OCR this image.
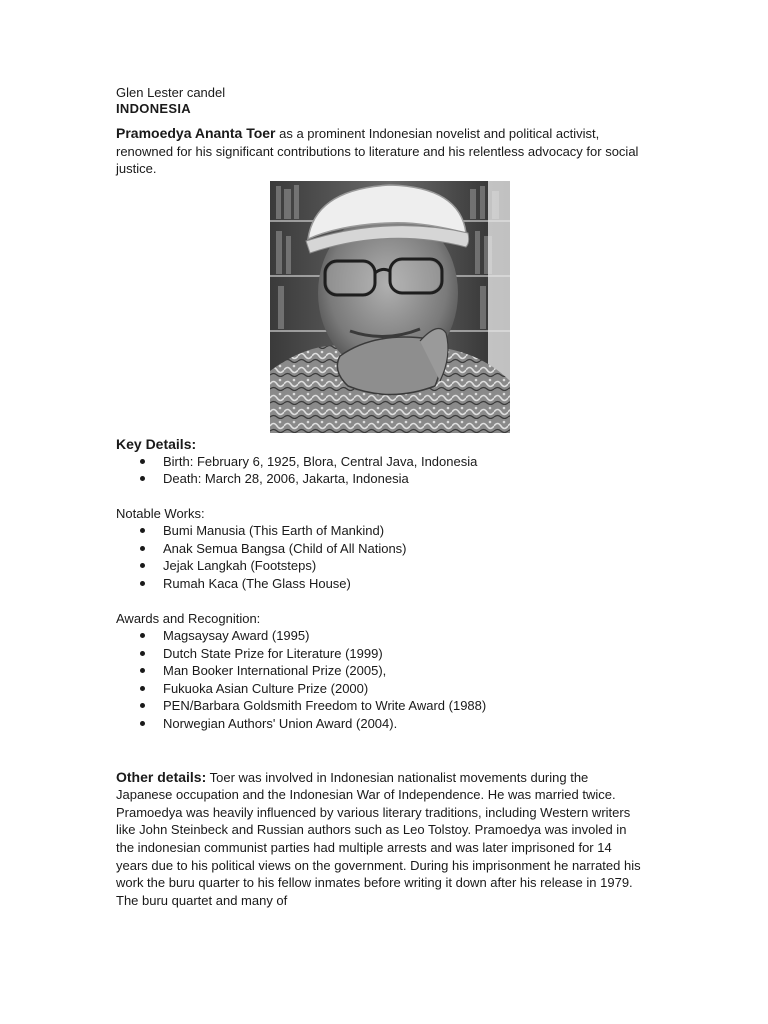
Glen Lester candel
INDONESIA
Pramoedya Ananta Toer as a prominent Indonesian novelist and political activist, renowned for his significant contributions to literature and his relentless advocacy for social justice.
Key Details:
Birth: February 6, 1925, Blora, Central Java, Indonesia
Death: March 28, 2006, Jakarta, Indonesia
Notable Works:
Bumi Manusia (This Earth of Mankind)
Anak Semua Bangsa (Child of All Nations)
Jejak Langkah (Footsteps)
Rumah Kaca (The Glass House)
Awards and Recognition:
Magsaysay Award (1995)
Dutch State Prize for Literature (1999)
Man Booker International Prize (2005),
Fukuoka Asian Culture Prize (2000)
PEN/Barbara Goldsmith Freedom to Write Award (1988)
Norwegian Authors' Union Award (2004).
Other details: Toer was involved in Indonesian nationalist movements during the Japanese occupation and the Indonesian War of Independence. He was married twice. Pramoedya was heavily influenced by various literary traditions, including Western writers like John Steinbeck and Russian authors such as Leo Tolstoy. Pramoedya was involed in the indonesian communist parties had multiple arrests and was later imprisoned for 14 years due to his political views on the government. During his imprisonment he narrated his work the buru quarter to his fellow inmates before writing it down after his release in 1979. The buru quartet and many of
